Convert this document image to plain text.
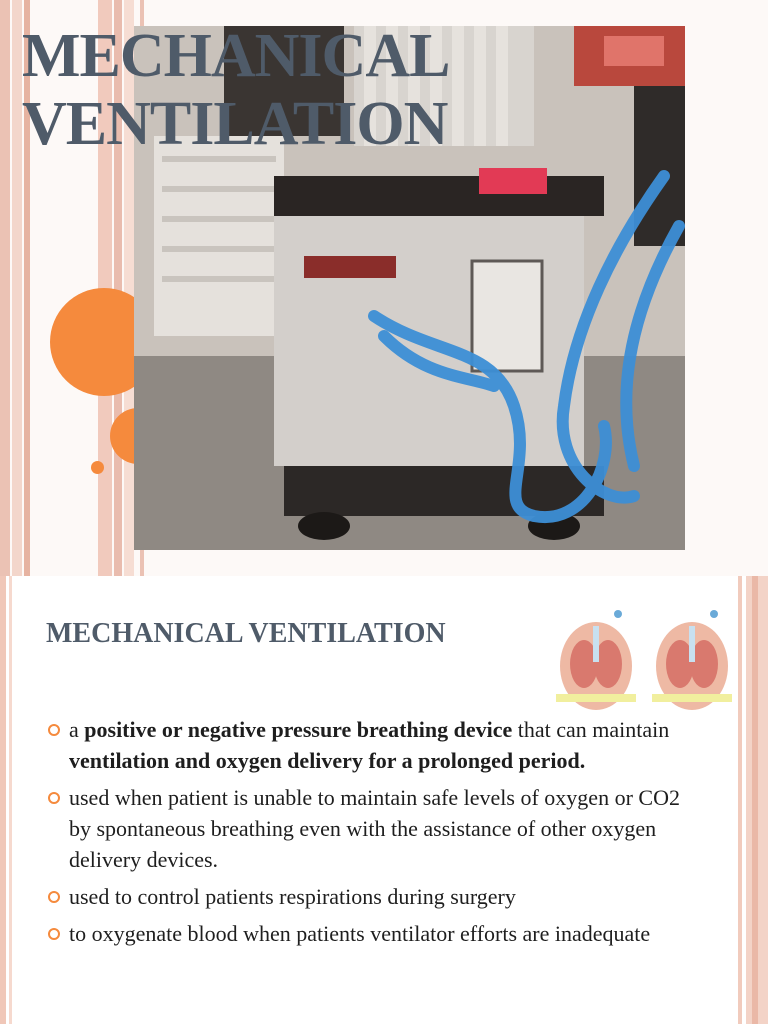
MECHANICAL
VENTILATION
MECHANICAL VENTILATION
a positive or negative pressure breathing device that can maintain ventilation and oxygen delivery for a prolonged period.
used when patient is unable to maintain safe levels of oxygen or CO2 by spontaneous breathing even with the assistance of other oxygen delivery devices.
used to control patients respirations during surgery
to oxygenate blood when patients ventilator efforts are inadequate
